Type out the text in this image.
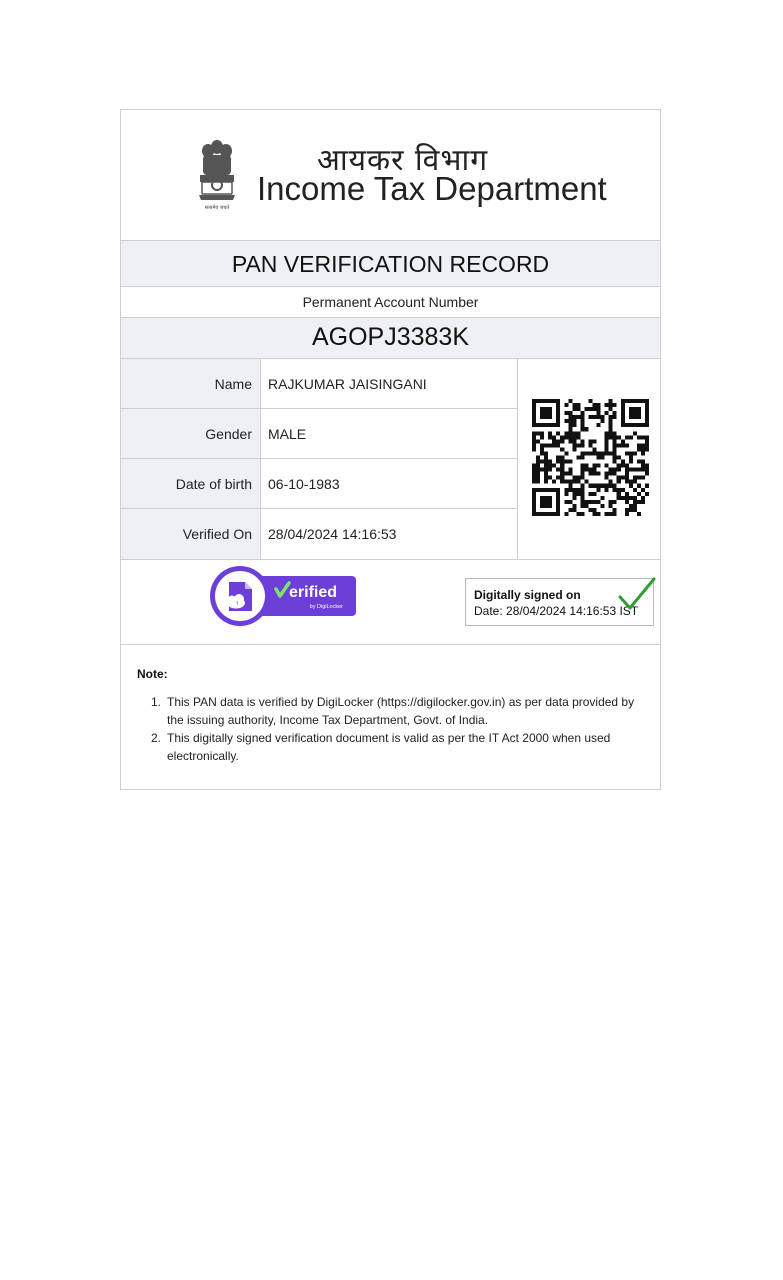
सत्यमेव जयते
आयकर विभाग
Income Tax Department
PAN VERIFICATION RECORD
Permanent Account Number
AGOPJ3383K
Name	RAJKUMAR JAISINGANI
Gender	MALE
Date of birth	06-10-1983
Verified On	28/04/2024 14:16:53
↑
erified
by DigiLocker
Digitally signed on
Date: 28/04/2024 14:16:53 IST
Note:
1. This PAN data is verified by DigiLocker (https://digilocker.gov.in) as per data provided by the issuing authority, Income Tax Department, Govt. of India.
2. This digitally signed verification document is valid as per the IT Act 2000 when used electronically.
